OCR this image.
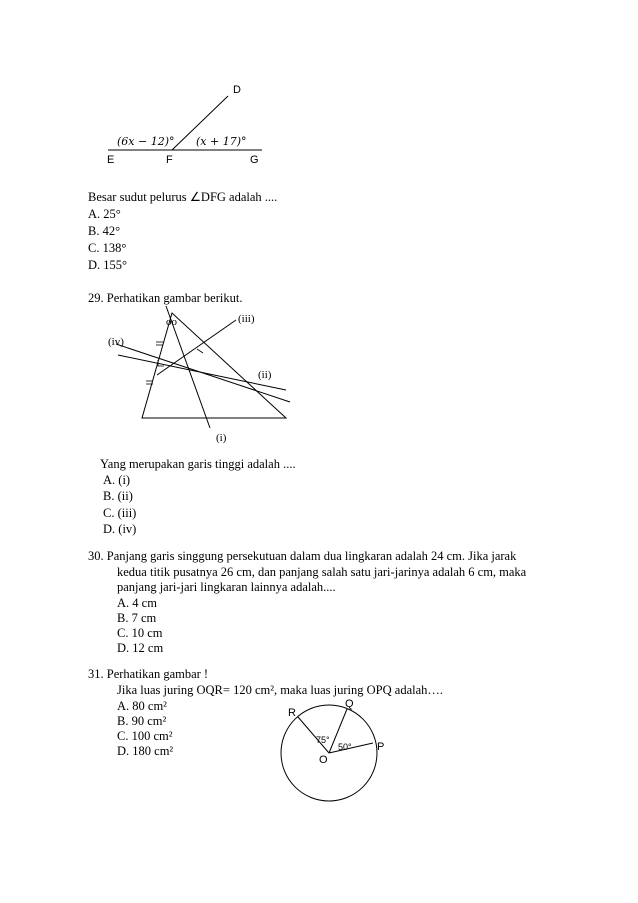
D
E	F	G
(6x − 12)° (x + 17)°
Besar sudut pelurus ∠DFG adalah ....
A. 25°
B. 42°
C. 138°
D. 155°
29. Perhatikan gambar berikut.
oo	(iii)
(iv)
(ii)
(i)
Yang merupakan garis tinggi adalah ....
A. (i)
B. (ii)
C. (iii)
D. (iv)
30. Panjang garis singgung persekutuan dalam dua lingkaran adalah 24 cm. Jika jarak
kedua titik pusatnya 26 cm, dan panjang salah satu jari-jarinya adalah 6 cm, maka
panjang jari-jari lingkaran lainnya adalah....
A. 4 cm
B. 7 cm
C. 10 cm
D. 12 cm
31. Perhatikan gambar !
Jika luas juring OQR= 120 cm², maka luas juring OPQ adalah….
A. 80 cm²
B. 90 cm²
C. 100 cm²
D. 180 cm²
R
Q
P
O
75°
50°
